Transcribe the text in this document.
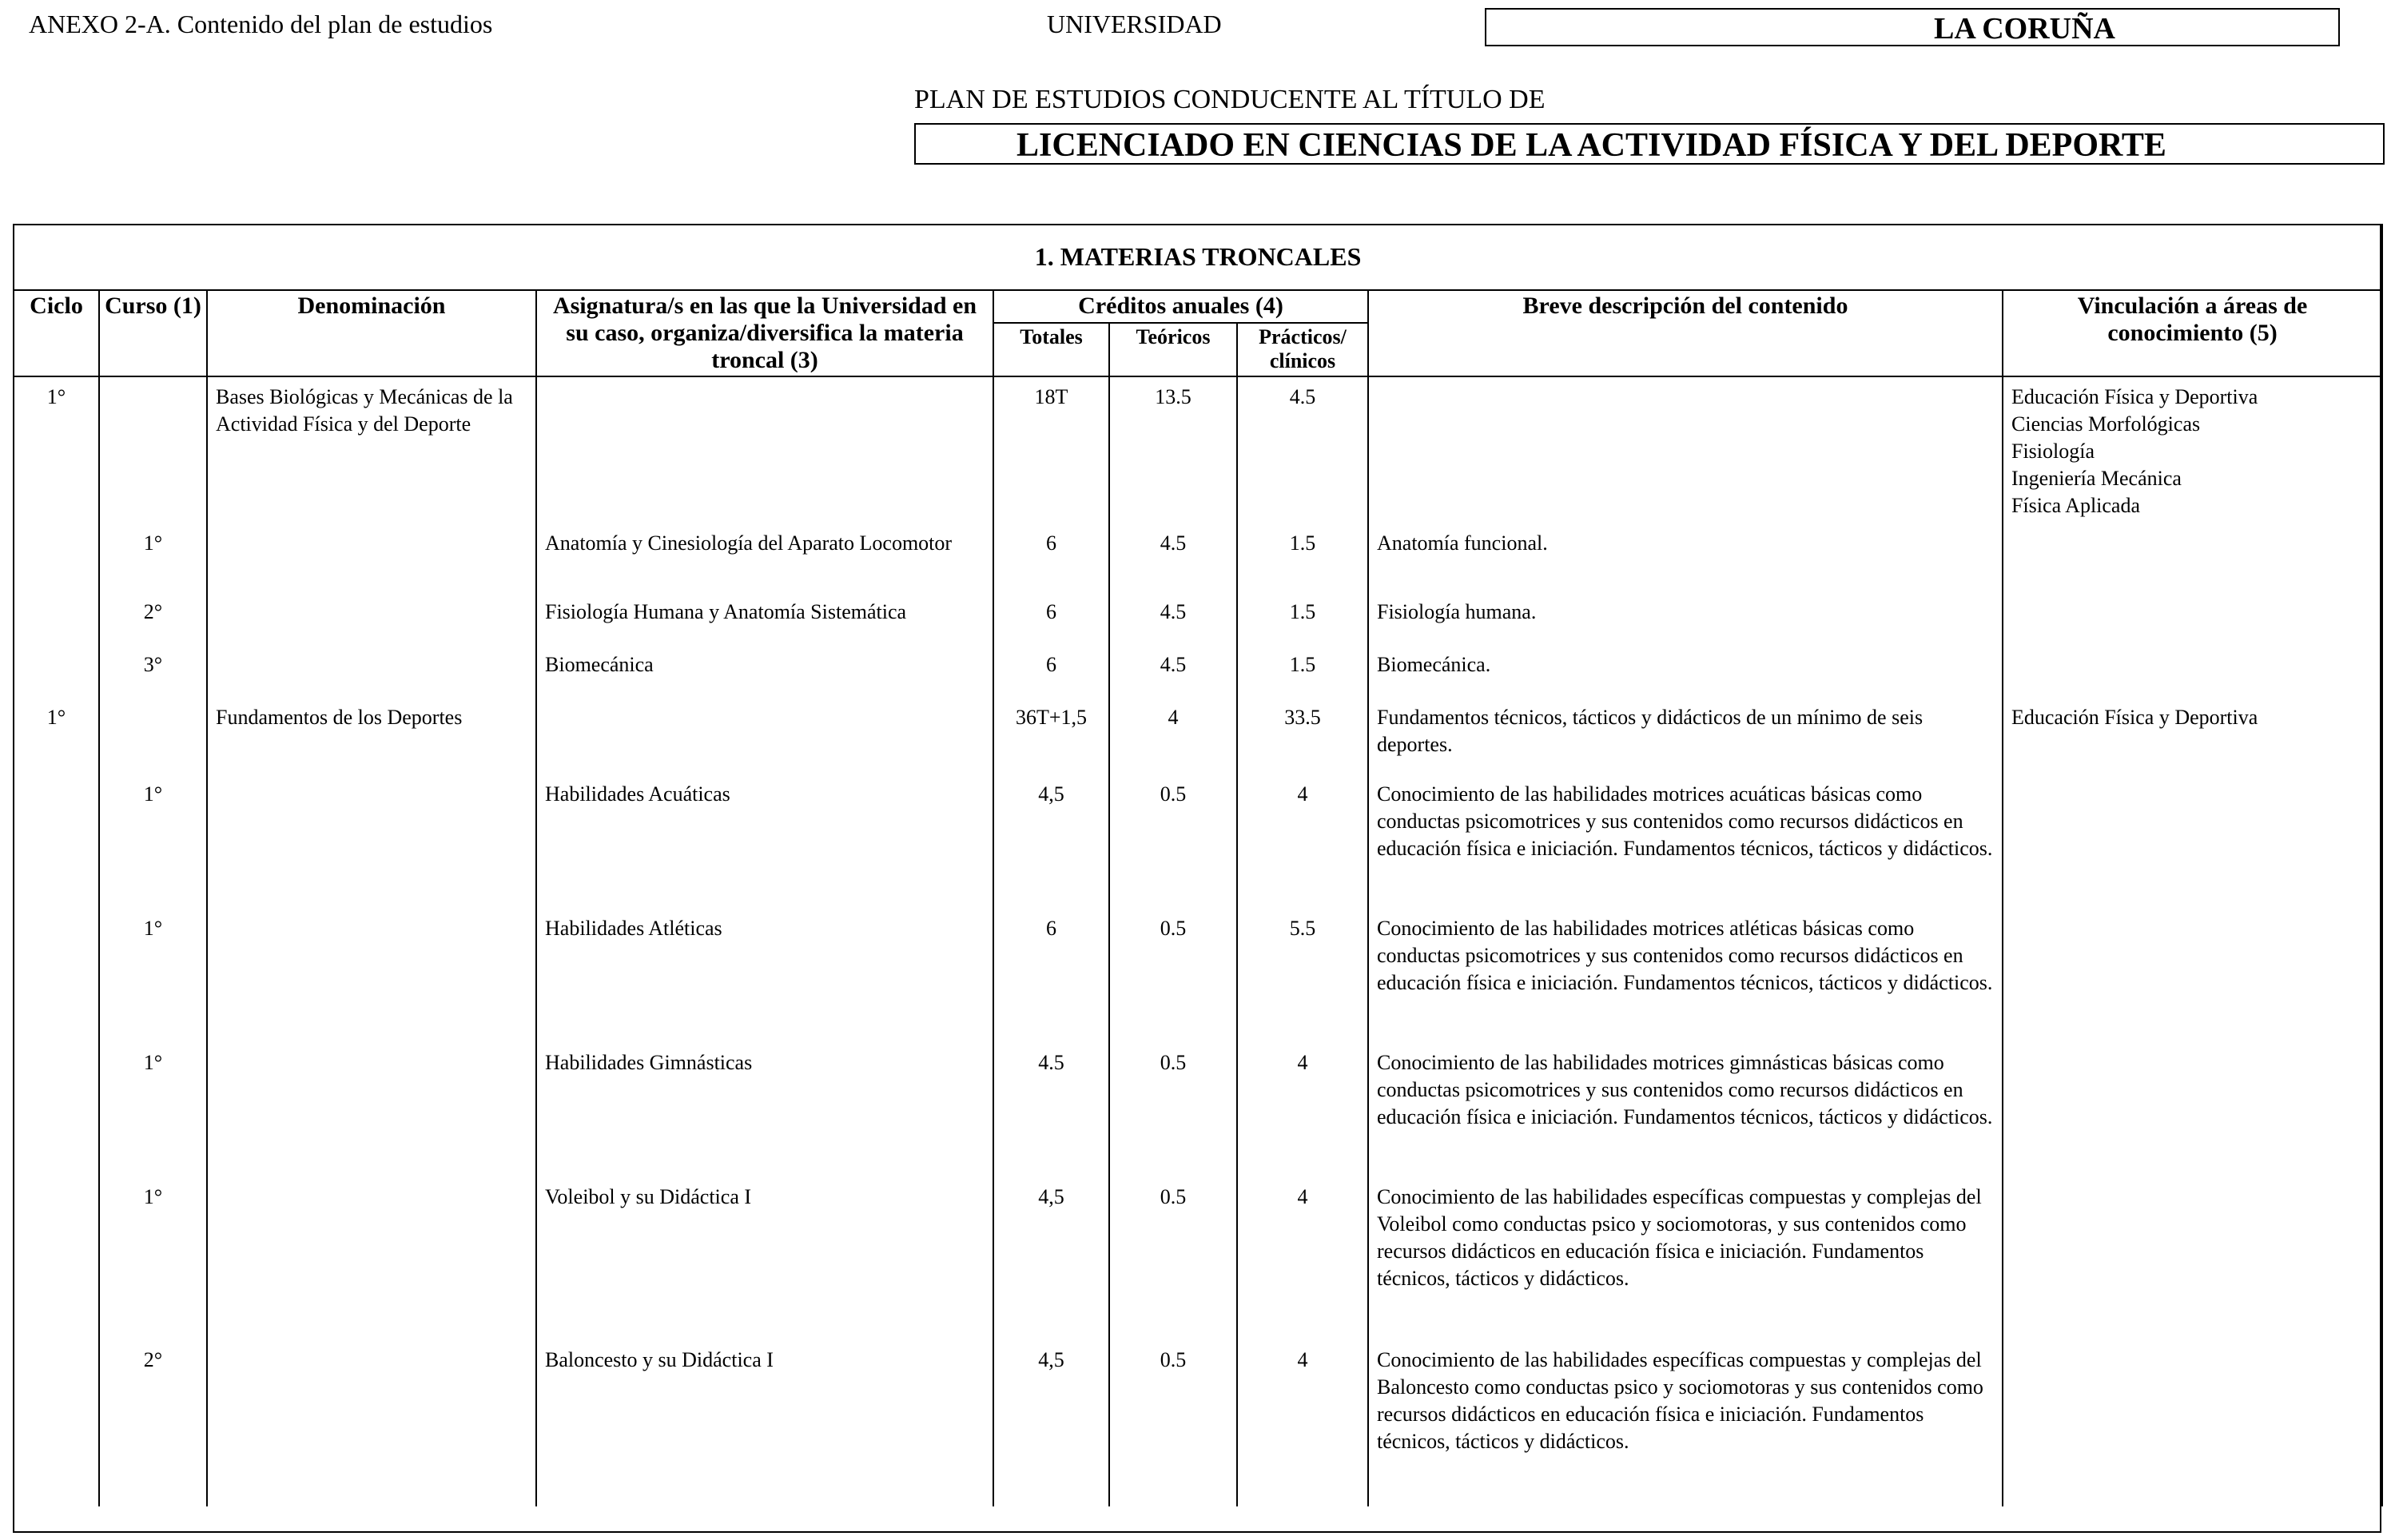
ANEXO 2-A. Contenido del plan de estudios	UNIVERSIDAD	LA CORUÑA
PLAN DE ESTUDIOS CONDUCENTE AL TÍTULO DE
LICENCIADO EN CIENCIAS DE LA ACTIVIDAD FÍSICA Y DEL DEPORTE
1. MATERIAS TRONCALES								
Ciclo	Curso (1)	Denominación	Asignatura/s en las que la Universidad en su caso, organiza/diversifica la materia troncal (3)	Créditos anuales (4)			Breve descripción del contenido	Vinculación a áreas de conocimiento (5)
				Totales	Teóricos	Prácticos/ clínicos		
1°		Bases Biológicas y Mecánicas de la Actividad Física y del Deporte		18T	13.5	4.5		Educación Física y Deportiva
Ciencias Morfológicas
Fisiología
Ingeniería Mecánica
Física Aplicada

	1°		Anatomía y Cinesiología del Aparato Locomotor	6	4.5	1.5	Anatomía funcional.	
	2°		Fisiología Humana y Anatomía Sistemática	6	4.5	1.5	Fisiología humana.	
	3°		Biomecánica	6	4.5	1.5	Biomecánica.	
1°		Fundamentos de los Deportes		36T+1,5	4	33.5	Fundamentos técnicos, tácticos y didácticos de un mínimo de seis deportes.	Educación Física y Deportiva

	1°		Habilidades Acuáticas	4,5	0.5	4	Conocimiento de las habilidades motrices acuáticas básicas como conductas psicomotrices y sus contenidos como recursos didácticos en educación física e iniciación. Fundamentos técnicos, tácticos y didácticos.	
	1°		Habilidades Atléticas	6	0.5	5.5	Conocimiento de las habilidades motrices atléticas básicas como conductas psicomotrices y sus contenidos como recursos didácticos en educación física e iniciación. Fundamentos técnicos, tácticos y didácticos.	
	1°		Habilidades Gimnásticas	4.5	0.5	4	Conocimiento de las habilidades motrices gimnásticas básicas como conductas psicomotrices y sus contenidos como recursos didácticos en educación física e iniciación. Fundamentos técnicos, tácticos y didácticos.	
	1°		Voleibol y su Didáctica I	4,5	0.5	4	Conocimiento de las habilidades específicas compuestas y complejas del Voleibol como conductas psico y sociomotoras, y sus contenidos como recursos didácticos en educación física e iniciación. Fundamentos técnicos, tácticos y didácticos.	
	2°		Baloncesto y su Didáctica I	4,5	0.5	4	Conocimiento de las habilidades específicas compuestas y complejas del Baloncesto como conductas psico y sociomotoras y sus contenidos como recursos didácticos en educación física e iniciación. Fundamentos técnicos, tácticos y didácticos.	
